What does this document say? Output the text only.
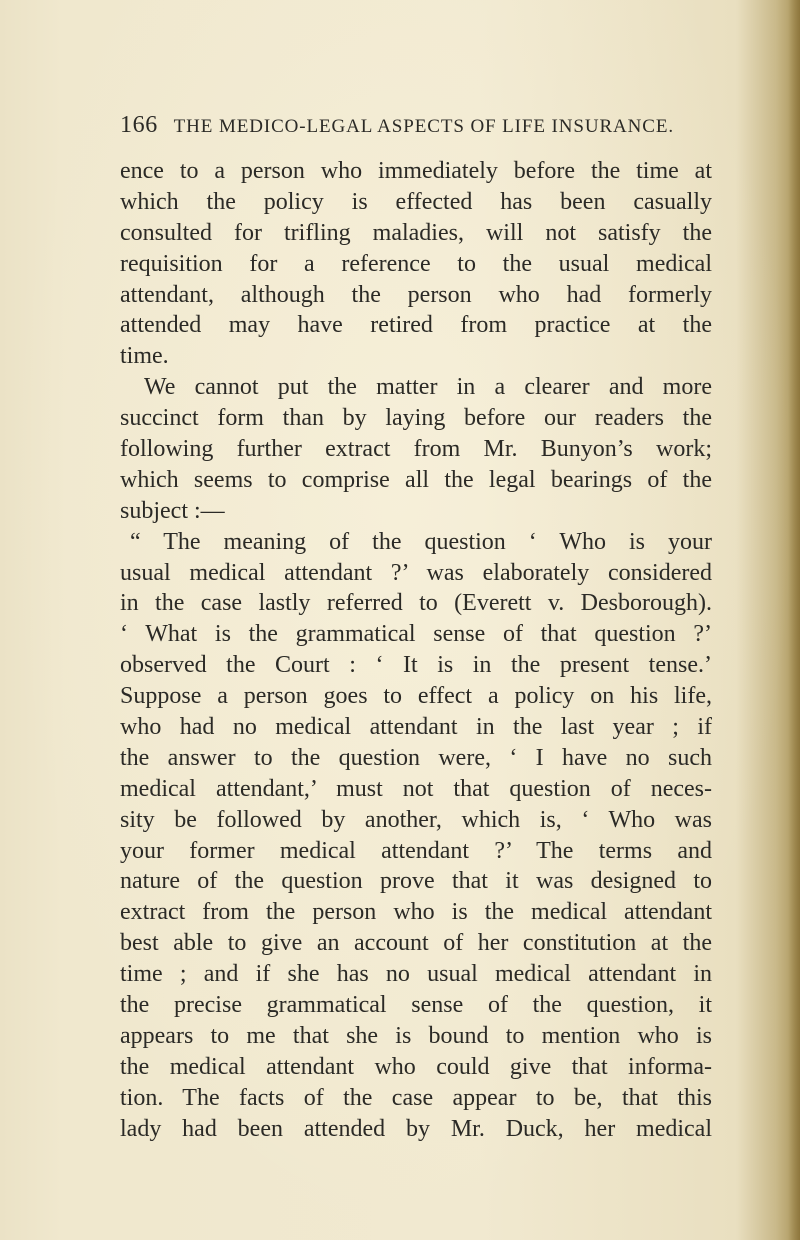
166 THE MEDICO-LEGAL ASPECTS OF LIFE INSURANCE.
ence to a person who immediately before the time at
which the policy is effected has been casually
consulted for trifling maladies, will not satisfy the
requisition for a reference to the usual medical
attendant, although the person who had formerly
attended may have retired from practice at the
time.
We cannot put the matter in a clearer and more
succinct form than by laying before our readers the
following further extract from Mr. Bunyon’s work;
which seems to comprise all the legal bearings of the
subject :—
“ The meaning of the question ‘ Who is your
usual medical attendant ?’ was elaborately considered
in the case lastly referred to (Everett v. Desborough).
‘ What is the grammatical sense of that question ?’
observed the Court : ‘ It is in the present tense.’
Suppose a person goes to effect a policy on his life,
who had no medical attendant in the last year ; if
the answer to the question were, ‘ I have no such
medical attendant,’ must not that question of neces-
sity be followed by another, which is, ‘ Who was
your former medical attendant ?’ The terms and
nature of the question prove that it was designed to
extract from the person who is the medical attendant
best able to give an account of her constitution at the
time ; and if she has no usual medical attendant in
the precise grammatical sense of the question, it
appears to me that she is bound to mention who is
the medical attendant who could give that informa-
tion. The facts of the case appear to be, that this
lady had been attended by Mr. Duck, her medical
